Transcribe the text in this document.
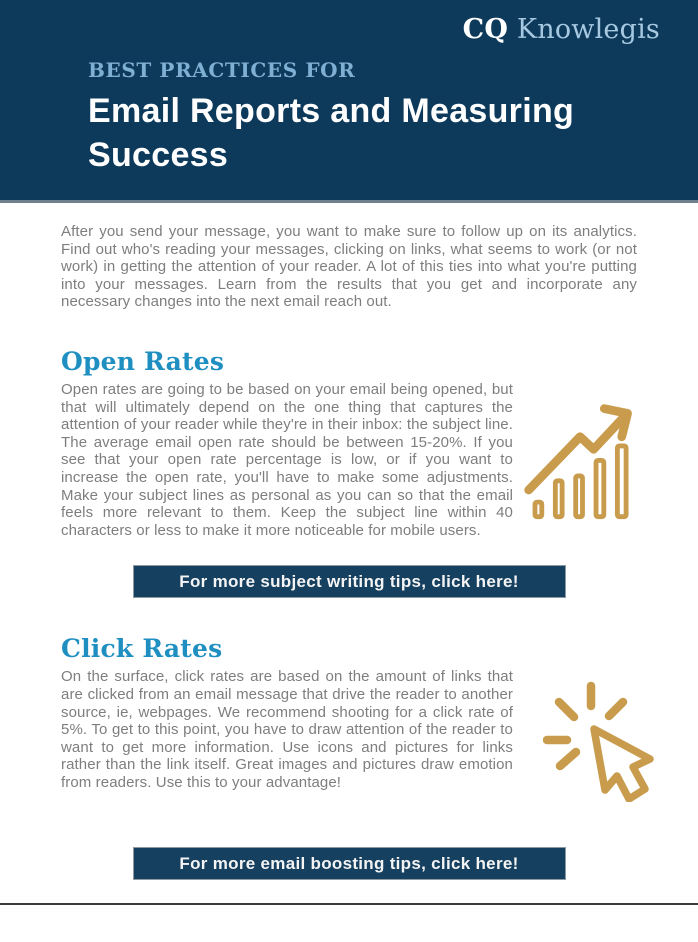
CQ Knowlegis
BEST PRACTICES FOR
Email Reports and Measuring Success

After you send your message, you want to make sure to follow up on its analytics. Find out who's reading your messages, clicking on links, what seems to work (or not work) in getting the attention of your reader. A lot of this ties into what you're putting into your messages. Learn from the results that you get and incorporate any necessary changes into the next email reach out.

Open Rates

Open rates are going to be based on your email being opened, but that will ultimately depend on the one thing that captures the attention of your reader while they're in their inbox: the subject line. The average email open rate should be between 15-20%. If you see that your open rate percentage is low, or if you want to increase the open rate, you'll have to make some adjustments. Make your subject lines as personal as you can so that the email feels more relevant to them. Keep the subject line within 40 characters or less to make it more noticeable for mobile users.

For more subject writing tips, click here!
Click Rates

On the surface, click rates are based on the amount of links that are clicked from an email message that drive the reader to another source, ie, webpages. We recommend shooting for a click rate of 5%. To get to this point, you have to draw attention of the reader to want to get more information. Use icons and pictures for links rather than the link itself. Great images and pictures draw emotion from readers. Use this to your advantage!

For more email boosting tips, click here!
